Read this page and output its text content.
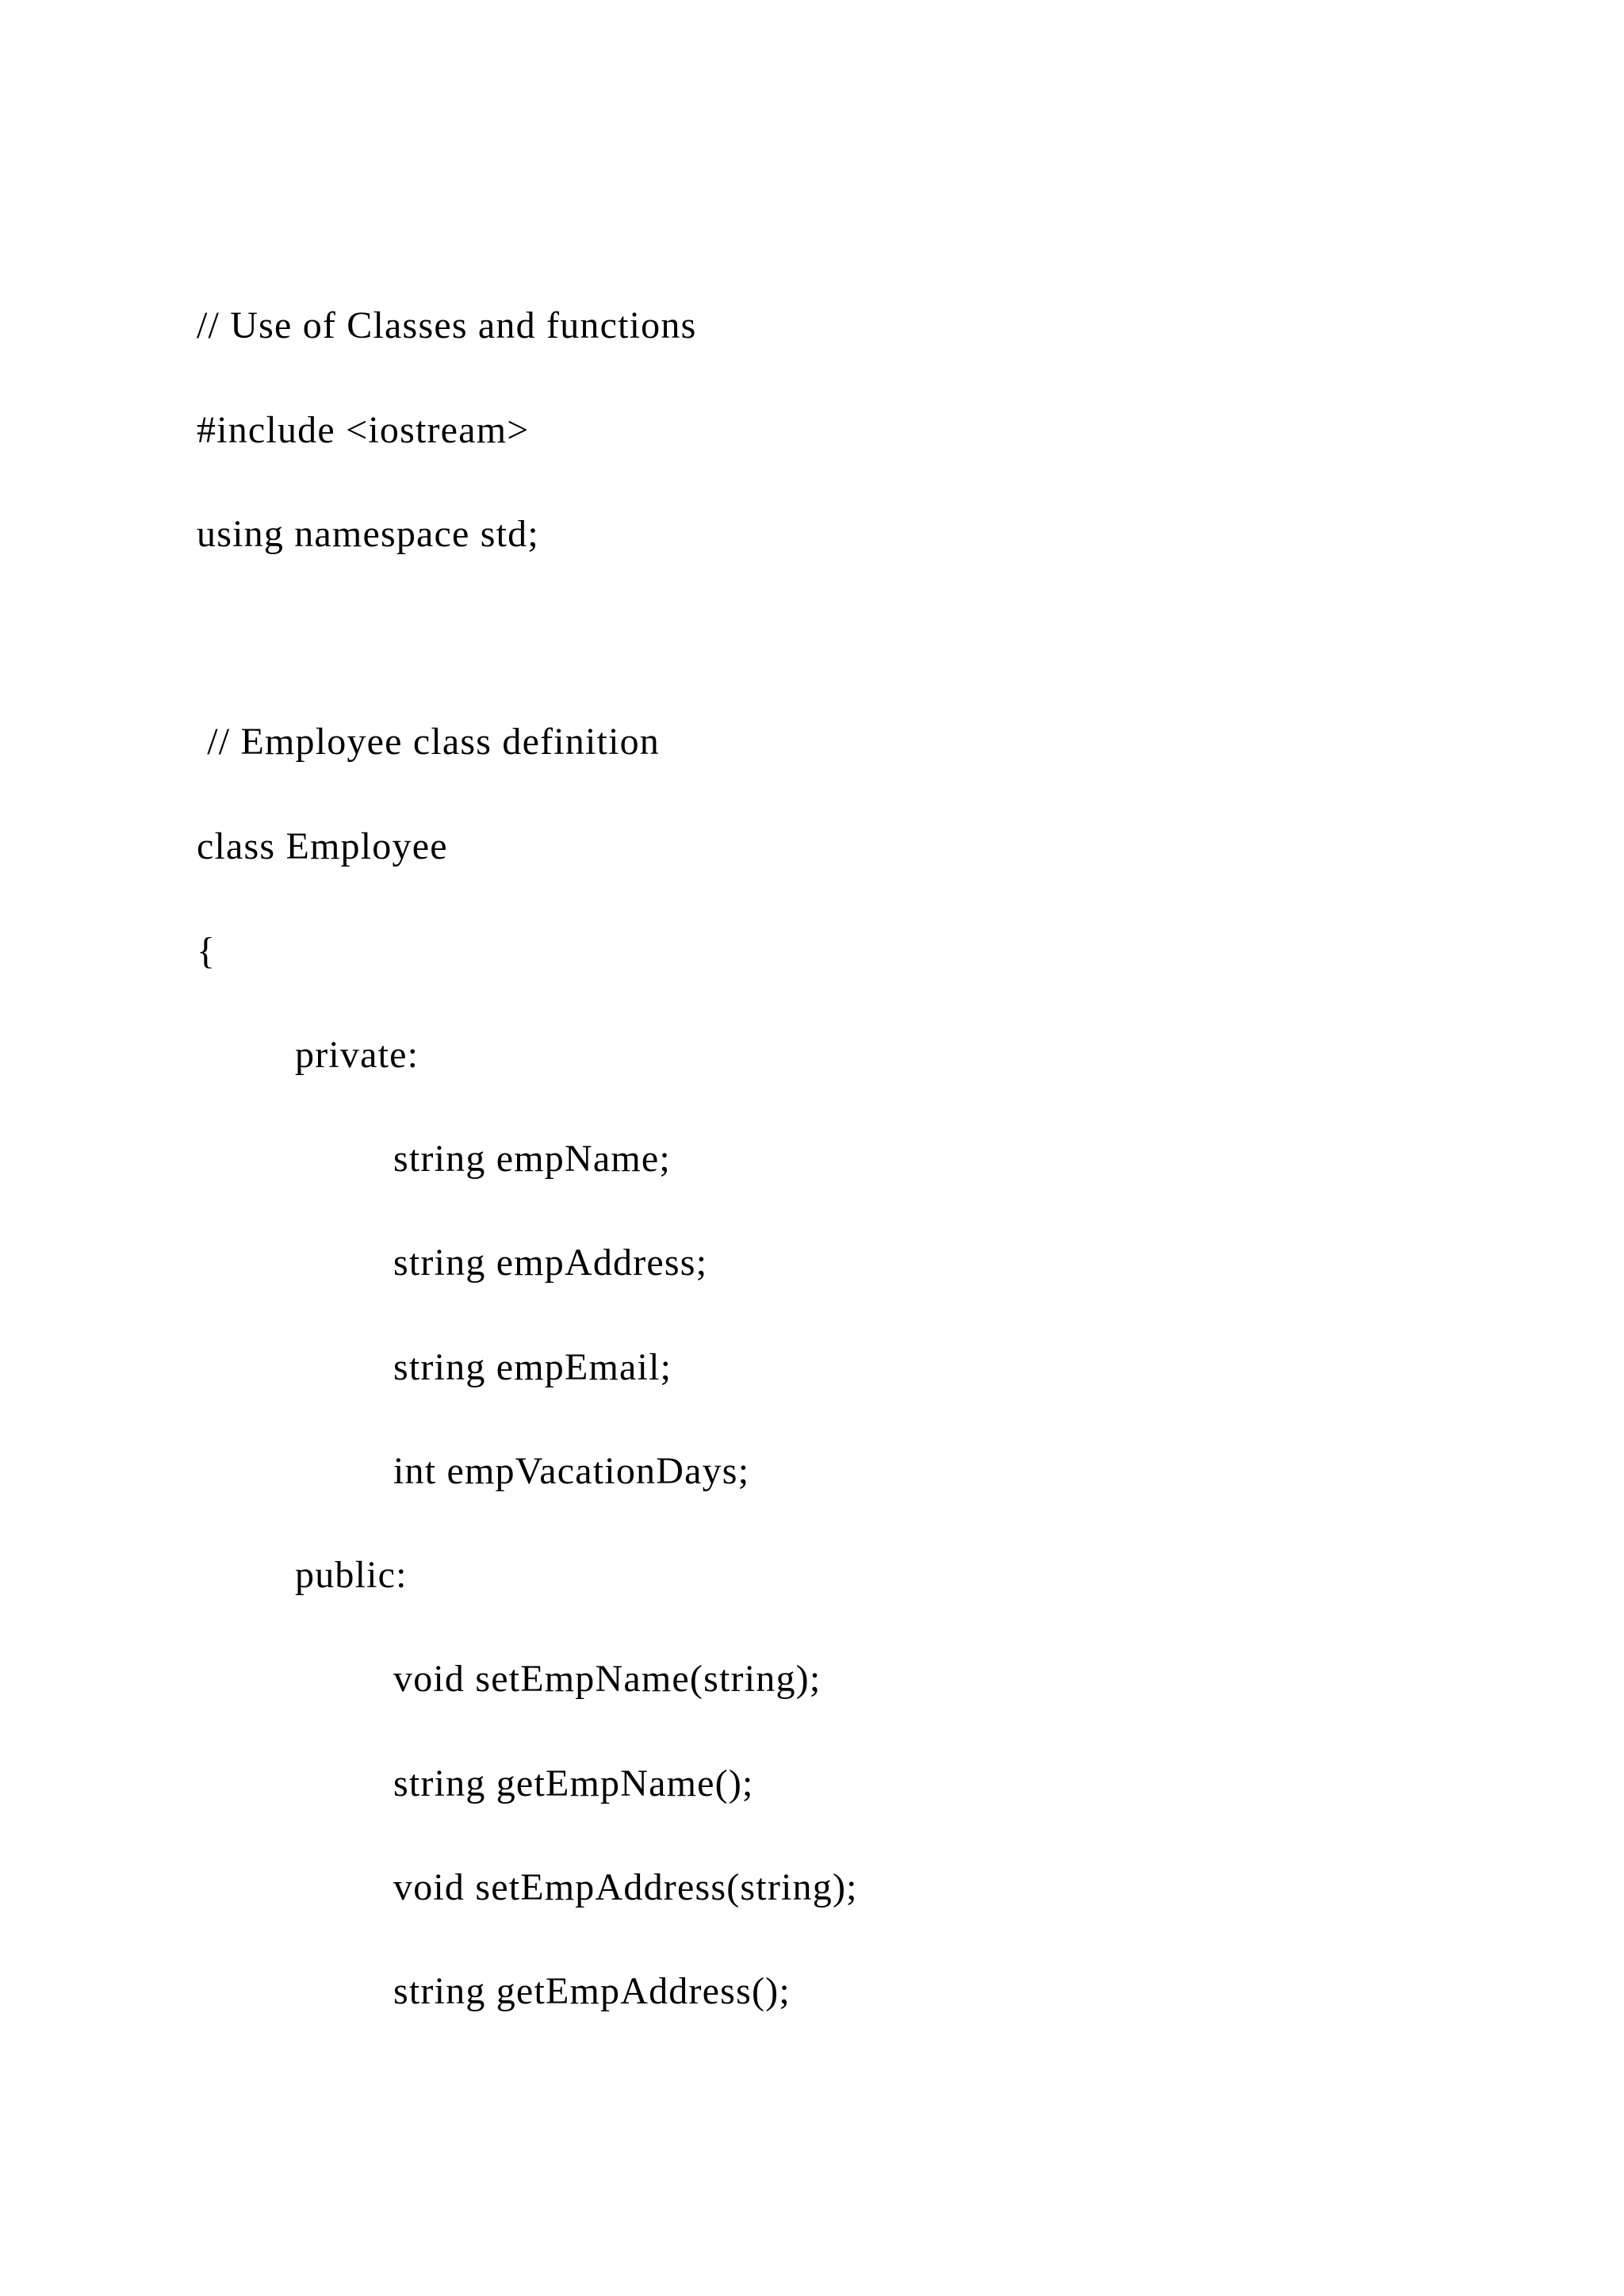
// Use of Classes and functions
#include <iostream>
using namespace std;
// Employee class definition
class Employee
{
private:
string empName;
string empAddress;
string empEmail;
int empVacationDays;
public:
void setEmpName(string);
string getEmpName();
void setEmpAddress(string);
string getEmpAddress();
